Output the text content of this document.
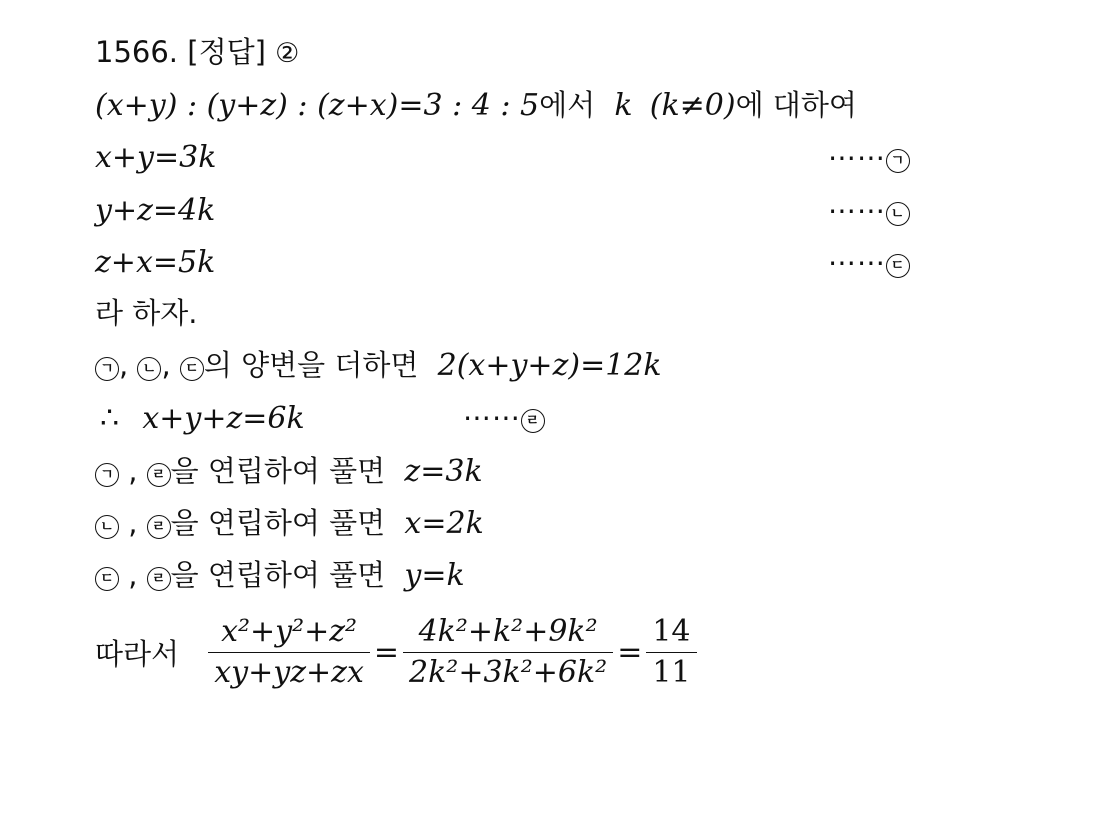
1566. [정답] ②
(x+y) : (y+z) : (z+x)=3 : 4 : 5에서 k (k≠0)에 대하여
x+y=3k	⋯⋯ ㄱ
y+z=4k	⋯⋯ ㄴ
z+x=5k	⋯⋯ ㄷ
라 하자.
ㄱ , ㄴ , ㄷ 의 양변을 더하면 2(x+y+z)=12k
∴ x+y+z=6k	⋯⋯ ㄹ
ㄱ , ㄹ 을 연립하여 풀면 z=3k
ㄴ , ㄹ 을 연립하여 풀면 x=2k
ㄷ , ㄹ 을 연립하여 풀면 y=k
따라서 $\frac{\text{x²+y²+z²}}{xy+yz+zx} = \frac{\text{4k²+k²+9k²}}{\text{2k²+3k²+6k²}} = \frac{14}{11}$
